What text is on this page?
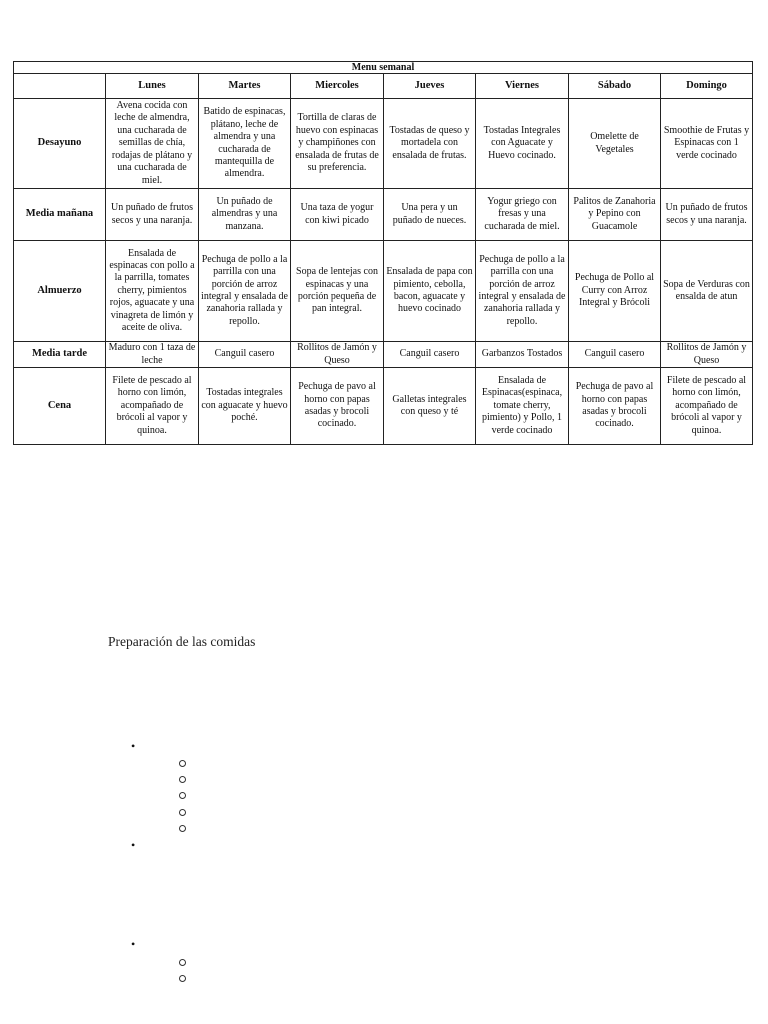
Menu semanal							
	Lunes	Martes	Miercoles	Jueves	Viernes	Sábado	Domingo
Desayuno	Avena cocida con leche de almendra, una cucharada de semillas de chía, rodajas de plátano y una cucharada de miel.	Batido de espinacas, plátano, leche de almendra y una cucharada de mantequilla de almendra.	Tortilla de claras de huevo con espinacas y champiñones con ensalada de frutas de su preferencia.	Tostadas de queso y mortadela con ensalada de frutas.	Tostadas Integrales con Aguacate y Huevo cocinado.	Omelette de Vegetales	Smoothie de Frutas y Espinacas con 1 verde cocinado
Media mañana	Un puñado de frutos secos y una naranja.	Un puñado de almendras y una manzana.	Una taza de yogur con kiwi picado	Una pera y un puñado de nueces.	Yogur griego con fresas y una cucharada de miel.	Palitos de Zanahoria y Pepino con Guacamole	Un puñado de frutos secos y una naranja.
Almuerzo	Ensalada de espinacas con pollo a la parrilla, tomates cherry, pimientos rojos, aguacate y una vinagreta de limón y aceite de oliva.	Pechuga de pollo a la parrilla con una porción de arroz integral y ensalada de zanahoria rallada y repollo.	Sopa de lentejas con espinacas y una porción pequeña de pan integral.	Ensalada de papa con pimiento, cebolla, bacon, aguacate y huevo cocinado	Pechuga de pollo a la parrilla con una porción de arroz integral y ensalada de zanahoria rallada y repollo.	Pechuga de Pollo al Curry con Arroz Integral y Brócoli	Sopa de Verduras con ensalda de atun
Media tarde	Maduro con 1 taza de leche	Canguil casero	Rollitos de Jamón y Queso	Canguil casero	Garbanzos Tostados	Canguil casero	Rollitos de Jamón y Queso
Cena	Filete de pescado al horno con limón, acompañado de brócoli al vapor y quinoa.	Tostadas integrales con aguacate y huevo poché.	Pechuga de pavo al horno con papas asadas y brocoli cocinado.	Galletas integrales con queso y té	Ensalada de Espinacas(espinaca, tomate cherry, pimiento) y Pollo, 1 verde cocinado	Pechuga de pavo al horno con papas asadas y brocoli cocinado.	Filete de pescado al horno con limón, acompañado de brócoli al vapor y quinoa.
Preparación de las comidas
•
•
•
